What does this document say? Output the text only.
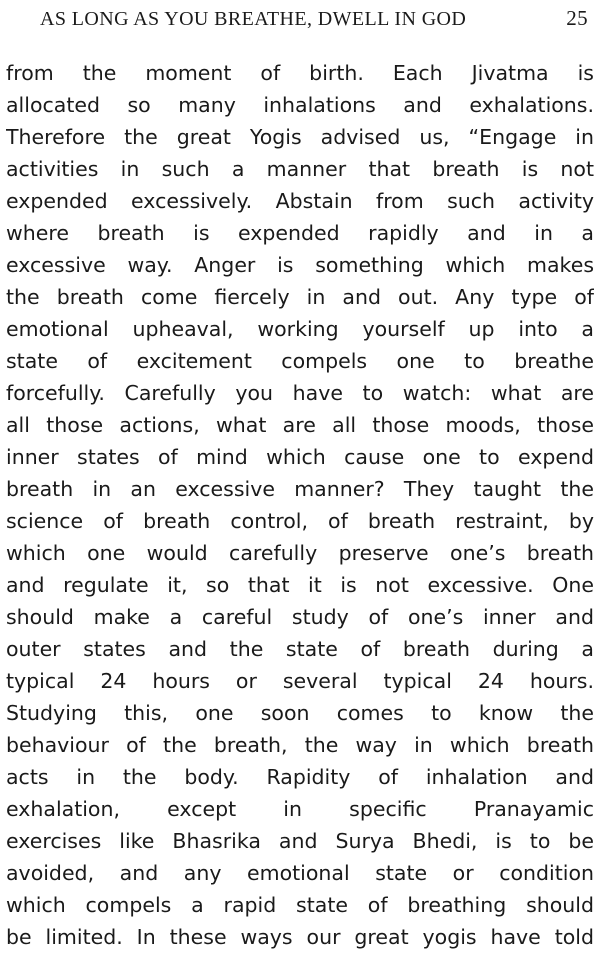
AS LONG AS YOU BREATHE, DWELL IN GOD	25
from the moment of birth. Each Jivatma is
allocated so many inhalations and exhalations.
Therefore the great Yogis advised us, “Engage in
activities in such a manner that breath is not
expended excessively. Abstain from such activity
where breath is expended rapidly and in a
excessive way. Anger is something which makes
the breath come fiercely in and out. Any type of
emotional upheaval, working yourself up into a
state of excitement compels one to breathe
forcefully. Carefully you have to watch: what are
all those actions, what are all those moods, those
inner states of mind which cause one to expend
breath in an excessive manner? They taught the
science of breath control, of breath restraint, by
which one would carefully preserve one’s breath
and regulate it, so that it is not excessive. One
should make a careful study of one’s inner and
outer states and the state of breath during a
typical 24 hours or several typical 24 hours.
Studying this, one soon comes to know the
behaviour of the breath, the way in which breath
acts in the body. Rapidity of inhalation and
exhalation, except in specific Pranayamic
exercises like Bhasrika and Surya Bhedi, is to be
avoided, and any emotional state or condition
which compels a rapid state of breathing should
be limited. In these ways our great yogis have told
